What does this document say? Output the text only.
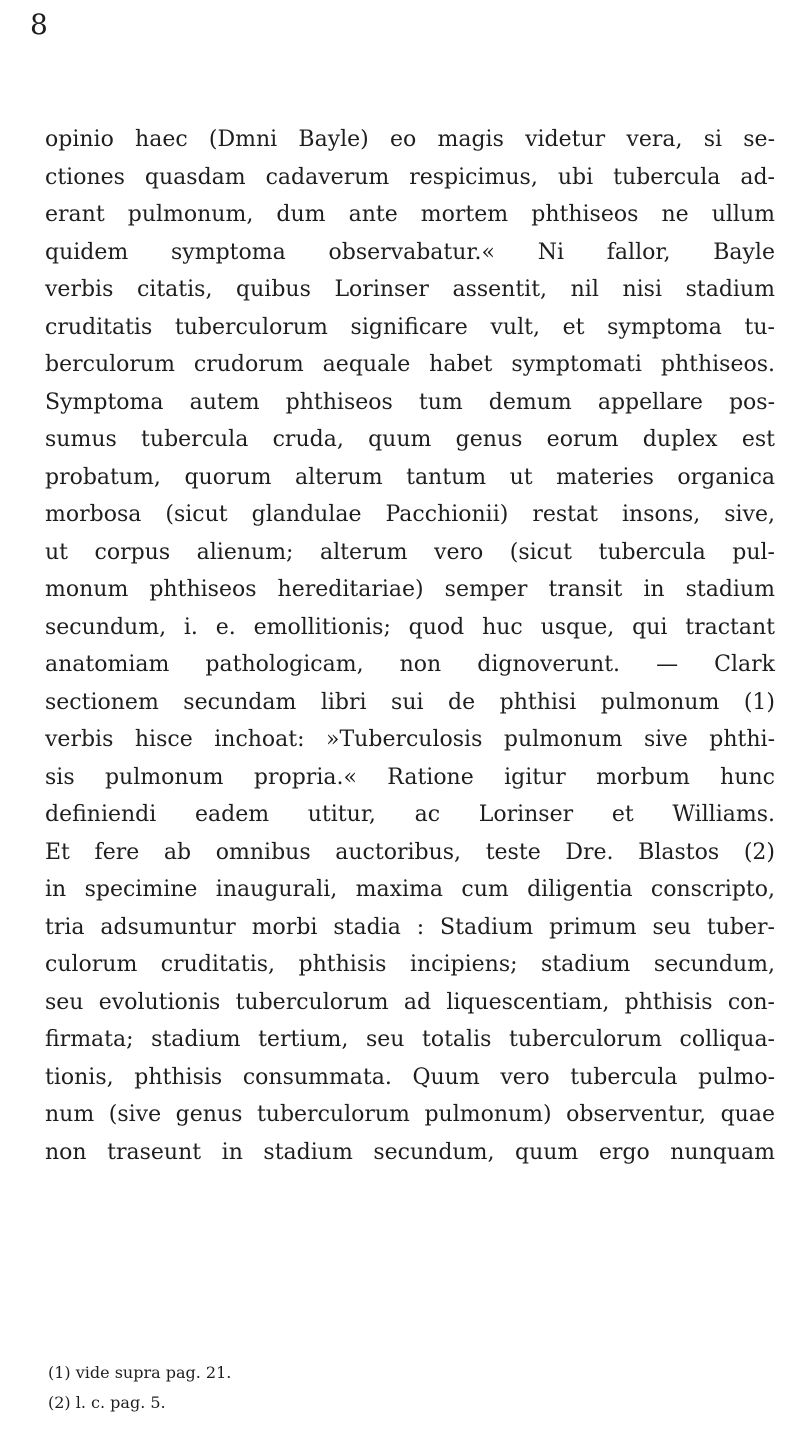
8
opinio haec (Dmni Bayle) eo magis videtur vera, si se-
ctiones quasdam cadaverum respicimus, ubi tubercula ad-
erant pulmonum, dum ante mortem phthiseos ne ullum
quidem symptoma observabatur.« Ni fallor, Bayle
verbis citatis, quibus Lorinser assentit, nil nisi stadium
cruditatis tuberculorum significare vult, et symptoma tu-
berculorum crudorum aequale habet symptomati phthiseos.
Symptoma autem phthiseos tum demum appellare pos-
sumus tubercula cruda, quum genus eorum duplex est
probatum, quorum alterum tantum ut materies organica
morbosa (sicut glandulae Pacchionii) restat insons, sive,
ut corpus alienum; alterum vero (sicut tubercula pul-
monum phthiseos hereditariae) semper transit in stadium
secundum, i. e. emollitionis; quod huc usque, qui tractant
anatomiam pathologicam, non dignoverunt. — Clark
sectionem secundam libri sui de phthisi pulmonum (1)
verbis hisce inchoat: »Tuberculosis pulmonum sive phthi-
sis pulmonum propria.« Ratione igitur morbum hunc
definiendi eadem utitur, ac Lorinser et Williams.
Et fere ab omnibus auctoribus, teste Dre. Blastos (2)
in specimine inaugurali, maxima cum diligentia conscripto,
tria adsumuntur morbi stadia : Stadium primum seu tuber-
culorum cruditatis, phthisis incipiens; stadium secundum,
seu evolutionis tuberculorum ad liquescentiam, phthisis con-
firmata; stadium tertium, seu totalis tuberculorum colliqua-
tionis, phthisis consummata. Quum vero tubercula pulmo-
num (sive genus tuberculorum pulmonum) observentur, quae
non traseunt in stadium secundum, quum ergo nunquam
(1) vide supra pag. 21.
(2) l. c. pag. 5.
